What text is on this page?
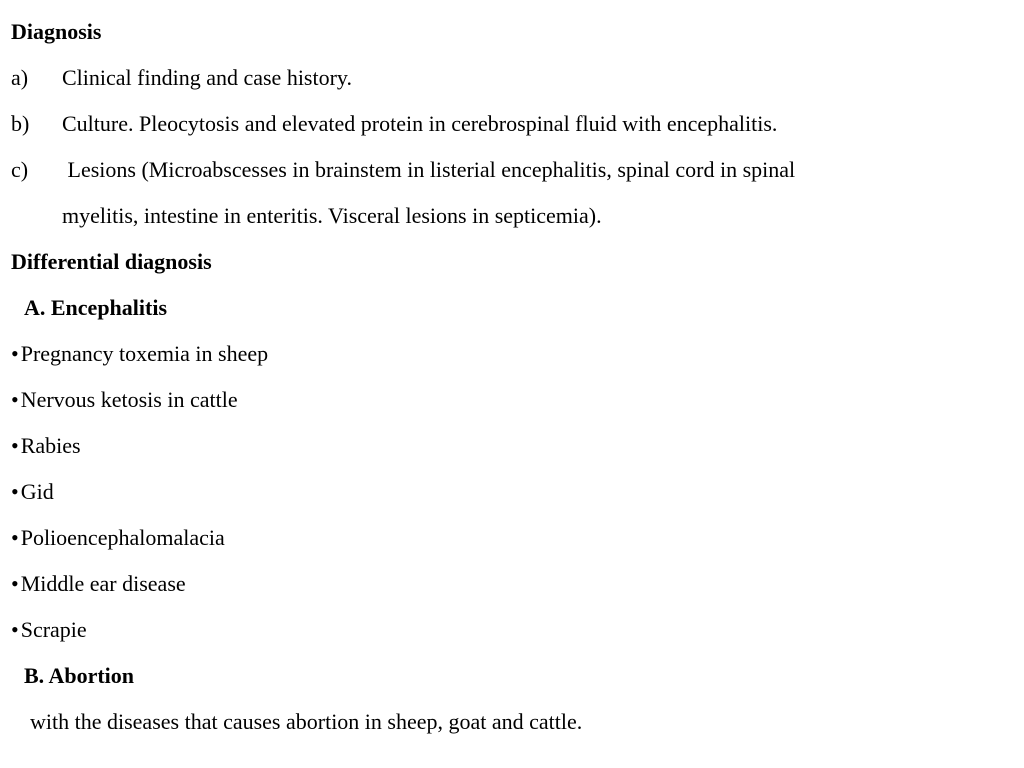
Diagnosis
a) Clinical finding and case history.
b) Culture. Pleocytosis and elevated protein in cerebrospinal fluid with encephalitis.
c) Lesions (Microabscesses in brainstem in listerial encephalitis, spinal cord in spinal
myelitis, intestine in enteritis. Visceral lesions in septicemia).
Differential diagnosis
A. Encephalitis
•Pregnancy toxemia in sheep
•Nervous ketosis in cattle
•Rabies
•Gid
•Polioencephalomalacia
•Middle ear disease
•Scrapie
B. Abortion
with the diseases that causes abortion in sheep, goat and cattle.
